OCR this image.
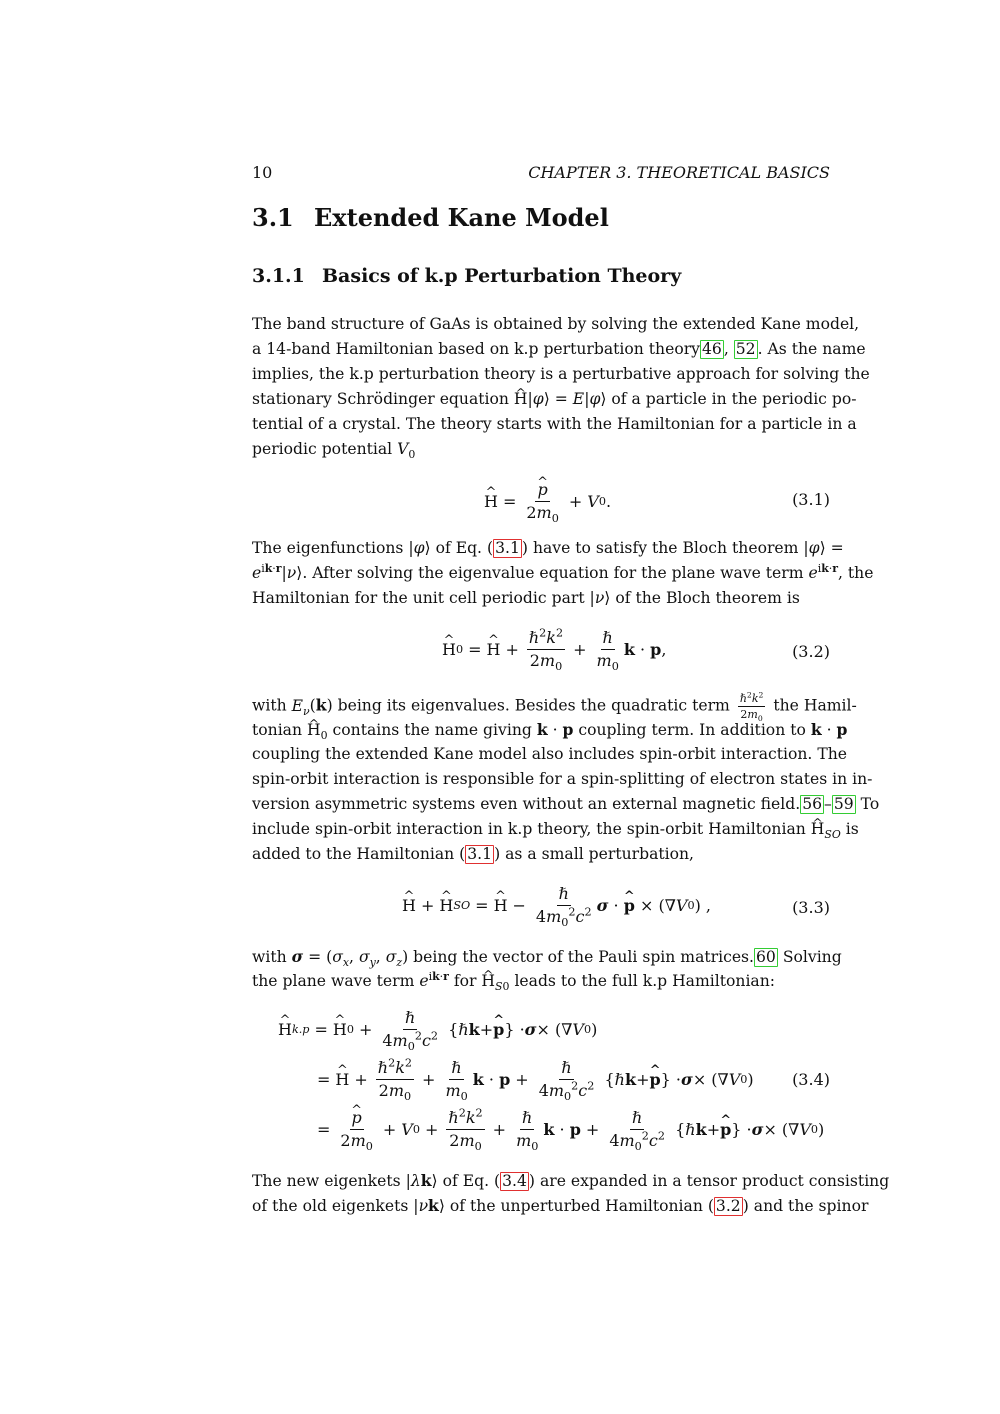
10	CHAPTER 3. THEORETICAL BASICS
3.1 Extended Kane Model
3.1.1 Basics of k.p Perturbation Theory
The band structure of GaAs is obtained by solving the extended Kane model,
a 14-band Hamiltonian based on k.p perturbation theory 46 , 52 . As the name
implies, the k.p perturbation theory is a perturbative approach for solving the
stationary Schrödinger equation ^ H|φ⟩ = E|φ⟩ of a particle in the periodic po-
tential of a crystal. The theory starts with the Hamiltonian for a particle in a
periodic potential $V_0$
^ H = ^ $\frac{p}{2m_0} + V$ 0 .	(3.1)
The eigenfunctions |φ⟩ of Eq. ( 3.1 ) have to satisfy the Bloch theorem |φ⟩ =
$e^{ik\cdot r}|\nu⟩$. After solving the eigenvalue equation for the plane wave term $e^{ik\cdot r}$, the
Hamiltonian for the unit cell periodic part |ν⟩ of the Bloch theorem is
^ H 0 = ^ $H + \frac{\hbar^2k^2}{2m_0} + \frac{\text{ℏ}}{m_0}$ k · p ,	(3.2)
with $E_\nu(k)$ being its eigenvalues. Besides the quadratic term $\frac{\hbar^2k^2}{2m_0}$ the Hamil-
tonian ^ $H_0$ contains the name giving k · p coupling term. In addition to k · p
coupling the extended Kane model also includes spin-orbit interaction. The
spin-orbit interaction is responsible for a spin-splitting of electron states in in-
version asymmetric systems even without an external magnetic field. 56 – 59 To
include spin-orbit interaction in k.p theory, the spin-orbit Hamiltonian ^ $H_{SO}$ is
added to the Hamiltonian ( 3.1 ) as a small perturbation,
^ H + ^ H SO = ^ $H - \frac{\text{ℏ}}{4m_0^2c^2}$ σ · ^ p × (∇ V 0 ) ,	(3.3)
with $\sigma = (\sigma_x$, $\sigma_y$, $\sigma_z$) being the vector of the Pauli spin matrices. 60 Solving
the plane wave term $e^{ik\cdot r}$ for ^ $H_{S0}$ leads to the full k.p Hamiltonian:
^ H k.p = ^ H $0 + \frac{\text{ℏ}}{4m_0^2c^2}$ {ℏ k + ^ p } · σ × (∇ V 0 )
= ^ $H + \frac{\hbar^2k^2}{2m_0} + \frac{\text{ℏ}}{m_0}$ $k \cdot p + \frac{\text{ℏ}}{4m_0^2c^2}$ {ℏ k + ^ p } · σ × (∇ V 0 )
= ^ $\frac{p}{2m_0} + V$ $0 + \frac{\hbar^2k^2}{2m_0} + \frac{\text{ℏ}}{m_0}$ $k \cdot p + \frac{\text{ℏ}}{4m_0^2c^2}$ {ℏ k + ^ p } · σ × (∇ V 0 )
(3.4)
The new eigenkets |λk⟩ of Eq. ( 3.4 ) are expanded in a tensor product consisting
of the old eigenkets |νk⟩ of the unperturbed Hamiltonian ( 3.2 ) and the spinor
